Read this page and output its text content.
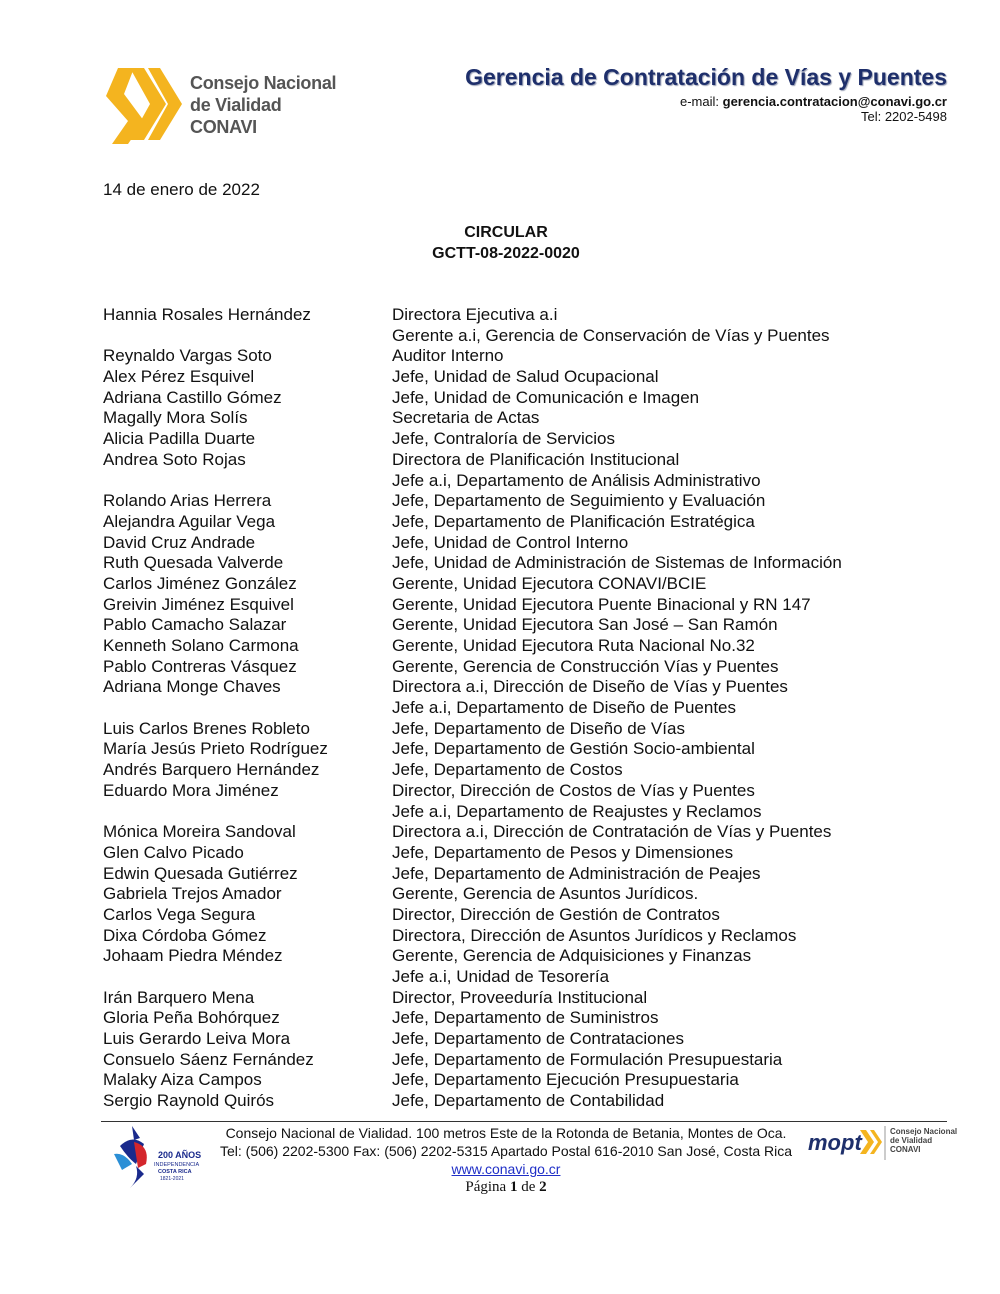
Consejo Nacional
de Vialidad
CONAVI
Gerencia de Contratación de Vías y Puentes
e-mail: gerencia.contratacion@conavi.go.cr
Tel: 2202-5498
14 de enero de 2022
CIRCULAR
GCTT-08-2022-0020
Hannia Rosales Hernández	Directora Ejecutiva a.i
Gerente a.i, Gerencia de Conservación de Vías y Puentes
Reynaldo Vargas Soto	Auditor Interno
Alex Pérez Esquivel	Jefe, Unidad de Salud Ocupacional
Adriana Castillo Gómez	Jefe, Unidad de Comunicación e Imagen
Magally Mora Solís	Secretaria de Actas
Alicia Padilla Duarte	Jefe, Contraloría de Servicios
Andrea Soto Rojas	Directora de Planificación Institucional
Jefe a.i, Departamento de Análisis Administrativo
Rolando Arias Herrera	Jefe, Departamento de Seguimiento y Evaluación
Alejandra Aguilar Vega	Jefe, Departamento de Planificación Estratégica
David Cruz Andrade	Jefe, Unidad de Control Interno
Ruth Quesada Valverde	Jefe, Unidad de Administración de Sistemas de Información
Carlos Jiménez González	Gerente, Unidad Ejecutora CONAVI/BCIE
Greivin Jiménez Esquivel	Gerente, Unidad Ejecutora Puente Binacional y RN 147
Pablo Camacho Salazar	Gerente, Unidad Ejecutora San José – San Ramón
Kenneth Solano Carmona	Gerente, Unidad Ejecutora Ruta Nacional No.32
Pablo Contreras Vásquez	Gerente, Gerencia de Construcción Vías y Puentes
Adriana Monge Chaves	Directora a.i, Dirección de Diseño de Vías y Puentes
Jefe a.i, Departamento de Diseño de Puentes
Luis Carlos Brenes Robleto	Jefe, Departamento de Diseño de Vías
María Jesús Prieto Rodríguez	Jefe, Departamento de Gestión Socio-ambiental
Andrés Barquero Hernández	Jefe, Departamento de Costos
Eduardo Mora Jiménez	Director, Dirección de Costos de Vías y Puentes
Jefe a.i, Departamento de Reajustes y Reclamos
Mónica Moreira Sandoval	Directora a.i, Dirección de Contratación de Vías y Puentes
Glen Calvo Picado	Jefe, Departamento de Pesos y Dimensiones
Edwin Quesada Gutiérrez	Jefe, Departamento de Administración de Peajes
Gabriela Trejos Amador	Gerente, Gerencia de Asuntos Jurídicos.
Carlos Vega Segura	Director, Dirección de Gestión de Contratos
Dixa Córdoba Gómez	Directora, Dirección de Asuntos Jurídicos y Reclamos
Johaam Piedra Méndez	Gerente, Gerencia de Adquisiciones y Finanzas
Jefe a.i, Unidad de Tesorería
Irán Barquero Mena	Director, Proveeduría Institucional
Gloria Peña Bohórquez	Jefe, Departamento de Suministros
Luis Gerardo Leiva Mora	Jefe, Departamento de Contrataciones
Consuelo Sáenz Fernández	Jefe, Departamento de Formulación Presupuestaria
Malaky Aiza Campos	Jefe, Departamento Ejecución Presupuestaria
Sergio Raynold Quirós	Jefe, Departamento de Contabilidad
200 AÑOS
INDEPENDENCIA
COSTA RICA
1821-2021
Consejo Nacional de Vialidad. 100 metros Este de la Rotonda de Betania, Montes de Oca.
Tel: (506) 2202-5300 Fax: (506) 2202-5315 Apartado Postal 616-2010 San José, Costa Rica
www.conavi.go.cr
Página 1 de 2
mopt	Consejo Nacional
de Vialidad
CONAVI
